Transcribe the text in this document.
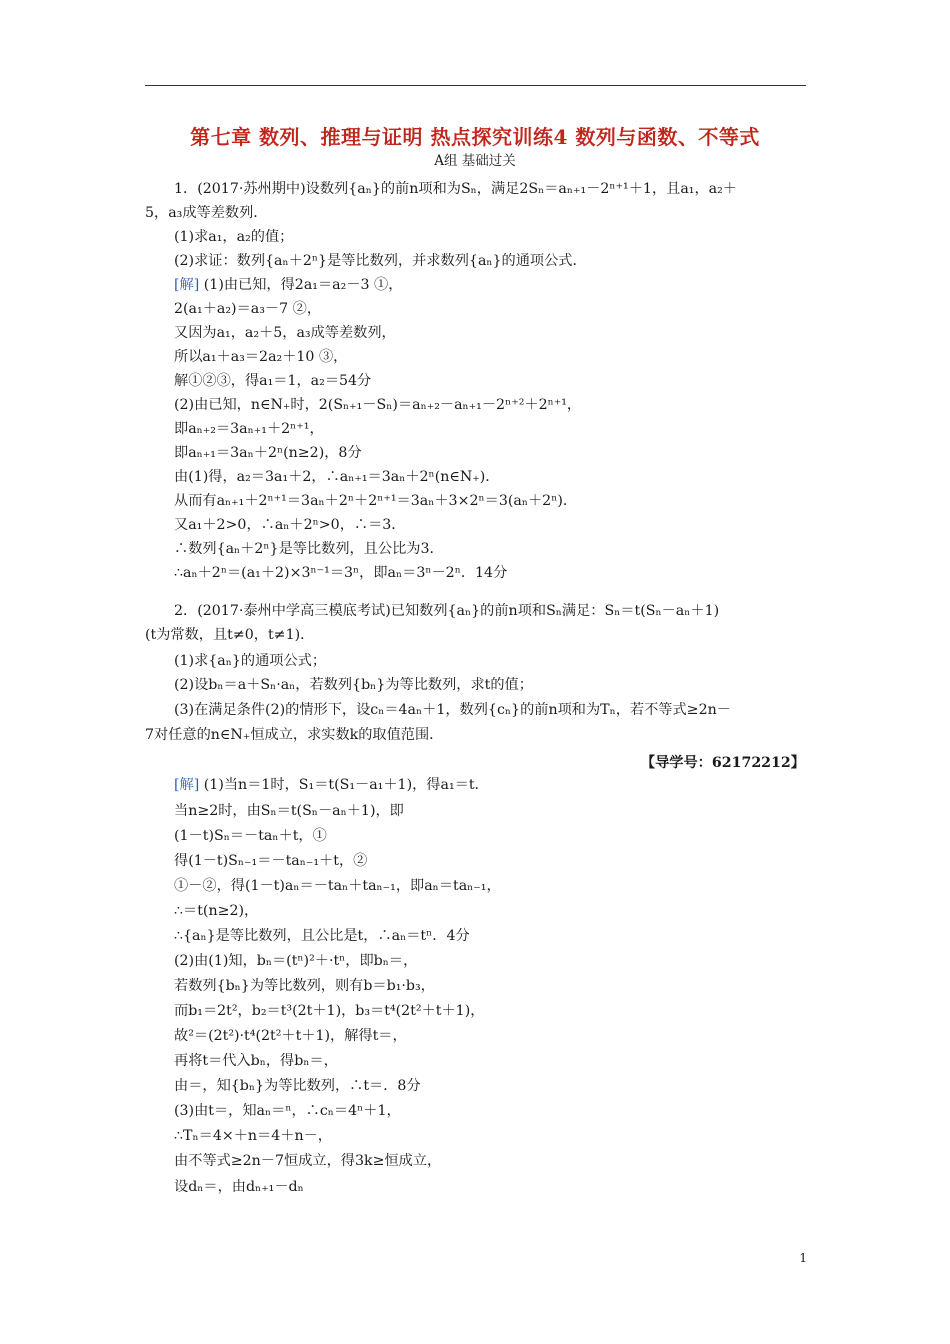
第七章 数列、推理与证明 热点探究训练4 数列与函数、不等式
A组 基础过关
1．(2017·苏州期中)设数列{aₙ}的前n项和为Sₙ，满足2Sₙ＝aₙ₊₁－2ⁿ⁺¹＋1，且a₁，a₂＋
5，a₃成等差数列．
(1)求a₁，a₂的值；
(2)求证：数列{aₙ＋2ⁿ}是等比数列，并求数列{aₙ}的通项公式．
[解] (1)由已知，得2a₁＝a₂－3 ①，
2(a₁＋a₂)＝a₃－7 ②，
又因为a₁，a₂＋5，a₃成等差数列，
所以a₁＋a₃＝2a₂＋10 ③，
解①②③，得a₁＝1，a₂＝54分
(2)由已知，n∈N₊时，2(Sₙ₊₁－Sₙ)＝aₙ₊₂－aₙ₊₁－2ⁿ⁺²＋2ⁿ⁺¹，
即aₙ₊₂＝3aₙ₊₁＋2ⁿ⁺¹，
即aₙ₊₁＝3aₙ＋2ⁿ(n≥2)，8分
由(1)得，a₂＝3a₁＋2，∴aₙ₊₁＝3aₙ＋2ⁿ(n∈N₊)．
从而有aₙ₊₁＋2ⁿ⁺¹＝3aₙ＋2ⁿ＋2ⁿ⁺¹＝3aₙ＋3×2ⁿ＝3(aₙ＋2ⁿ)．
又a₁＋2>0，∴aₙ＋2ⁿ>0，∴＝3．
∴数列{aₙ＋2ⁿ}是等比数列，且公比为3．
∴aₙ＋2ⁿ＝(a₁＋2)×3ⁿ⁻¹＝3ⁿ，即aₙ＝3ⁿ－2ⁿ．14分
2．(2017·泰州中学高三模底考试)已知数列{aₙ}的前n项和Sₙ满足：Sₙ＝t(Sₙ－aₙ＋1)
(t为常数，且t≠0，t≠1)．
(1)求{aₙ}的通项公式；
(2)设bₙ＝a＋Sₙ·aₙ，若数列{bₙ}为等比数列，求t的值；
(3)在满足条件(2)的情形下，设cₙ＝4aₙ＋1，数列{cₙ}的前n项和为Tₙ，若不等式≥2n－
7对任意的n∈N₊恒成立，求实数k的取值范围．
【导学号：62172212】
[解] (1)当n＝1时，S₁＝t(S₁－a₁＋1)，得a₁＝t．
当n≥2时，由Sₙ＝t(Sₙ－aₙ＋1)，即
(1－t)Sₙ＝－taₙ＋t，①
得(1－t)Sₙ₋₁＝－taₙ₋₁＋t，②
①－②，得(1－t)aₙ＝－taₙ＋taₙ₋₁，即aₙ＝taₙ₋₁，
∴＝t(n≥2)，
∴{aₙ}是等比数列，且公比是t，∴aₙ＝tⁿ．4分
(2)由(1)知，bₙ＝(tⁿ)²＋·tⁿ，即bₙ＝，
若数列{bₙ}为等比数列，则有b＝b₁·b₃，
而b₁＝2t²，b₂＝t³(2t＋1)，b₃＝t⁴(2t²＋t＋1)，
故²＝(2t²)·t⁴(2t²＋t＋1)，解得t＝，
再将t＝代入bₙ，得bₙ＝，
由＝，知{bₙ}为等比数列，∴t＝．8分
(3)由t＝，知aₙ＝ⁿ，∴cₙ＝4ⁿ＋1，
∴Tₙ＝4×＋n＝4＋n－，
由不等式≥2n－7恒成立，得3k≥恒成立，
设dₙ＝，由dₙ₊₁－dₙ
1
